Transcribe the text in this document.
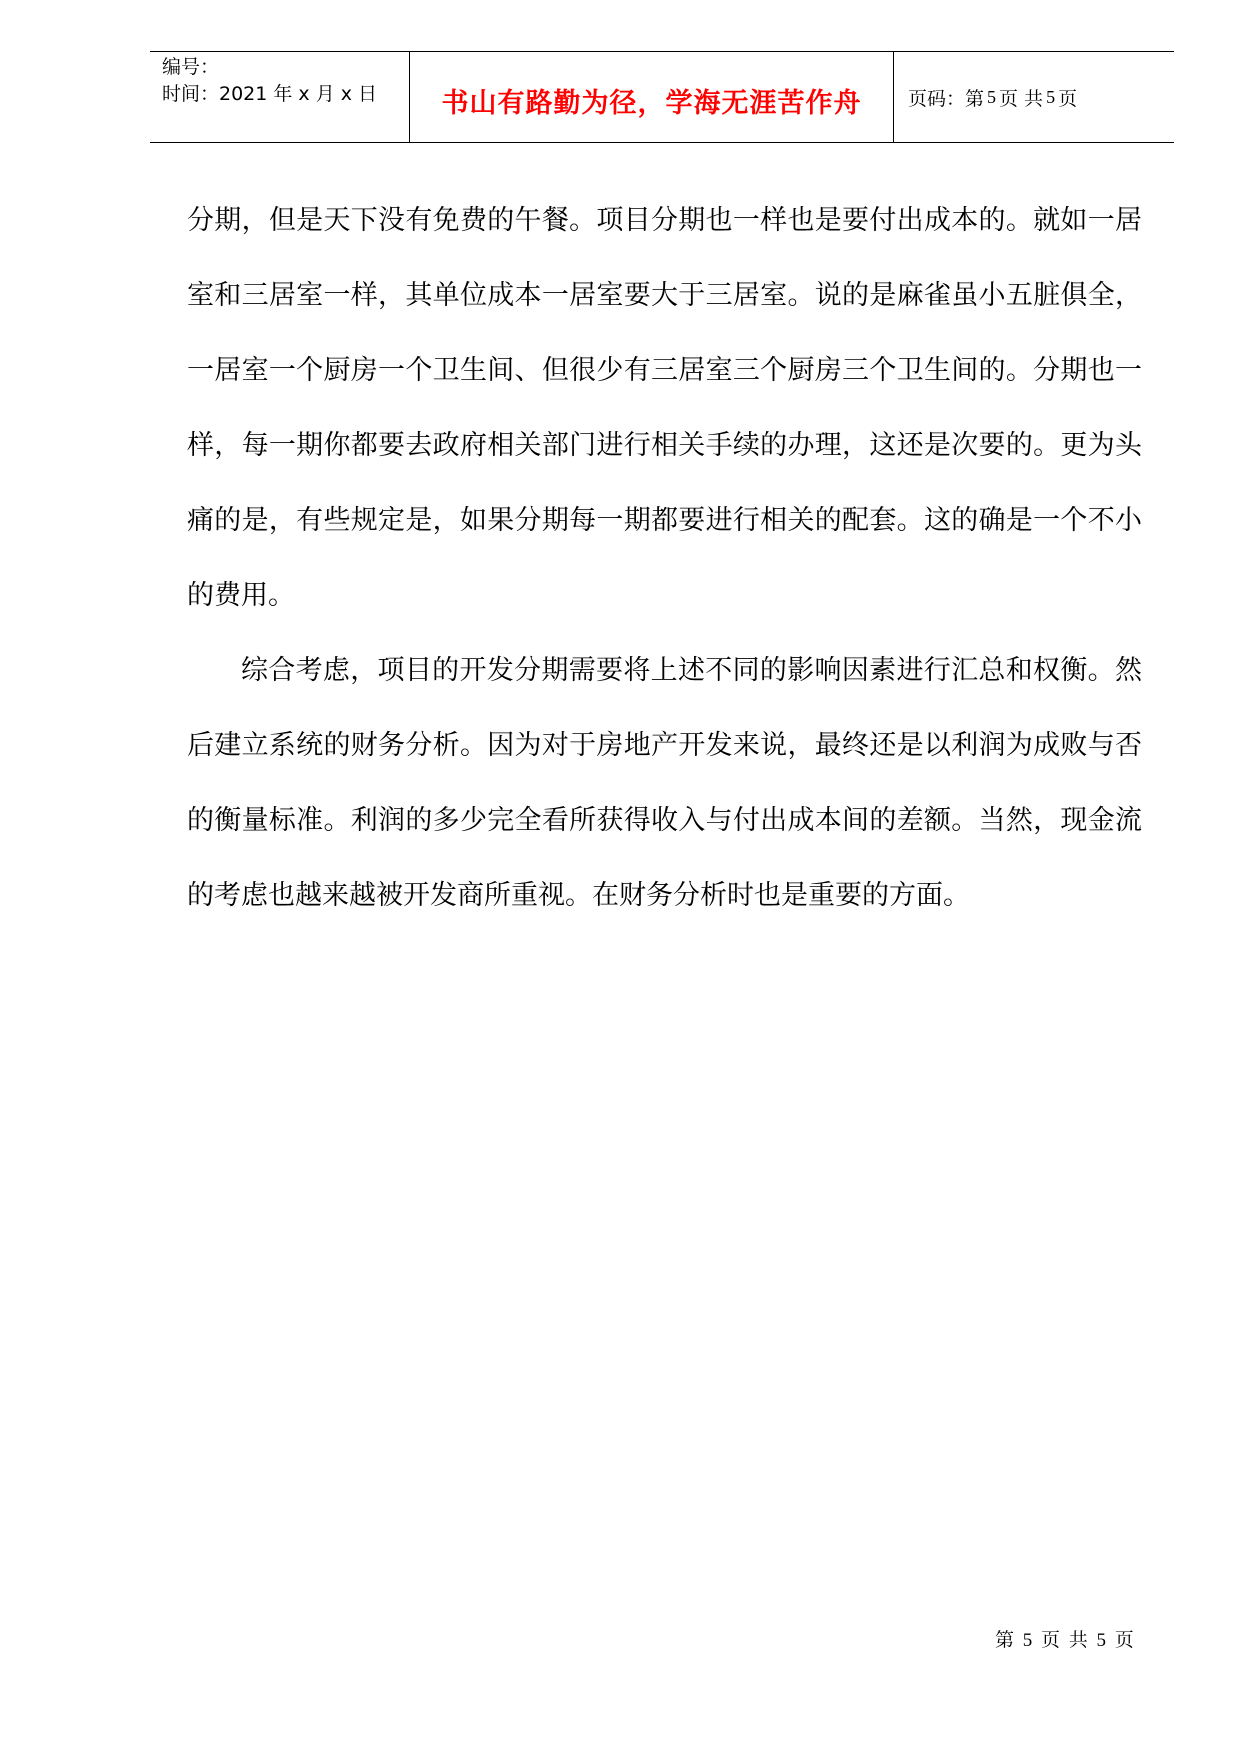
编号：
时间：2021 年 x 月 x 日	书山有路勤为径，学海无涯苦作舟 页码：第 5 页 共 5 页

分期，但是天下没有免费的午餐。项目分期也一样也是要付出成本的。就如一居室和三居室一样，其单位成本一居室要大于三居室。说的是麻雀虽小五脏俱全，一居室一个厨房一个卫生间、但很少有三居室三个厨房三个卫生间的。分期也一样，每一期你都要去政府相关部门进行相关手续的办理，这还是次要的。更为头痛的是，有些规定是，如果分期每一期都要进行相关的配套。这的确是一个不小的费用。

综合考虑，项目的开发分期需要将上述不同的影响因素进行汇总和权衡。然后建立系统的财务分析。因为对于房地产开发来说，最终还是以利润为成败与否的衡量标准。利润的多少完全看所获得收入与付出成本间的差额。当然，现金流的考虑也越来越被开发商所重视。在财务分析时也是重要的方面。

第 5 页 共 5 页
